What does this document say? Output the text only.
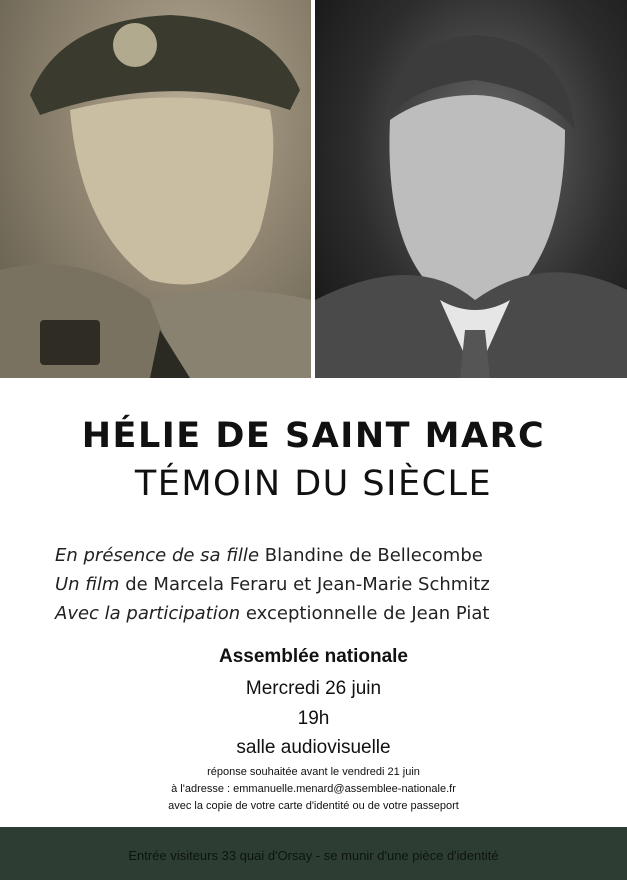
HÉLIE DE SAINT MARC
TÉMOIN DU SIÈCLE
En présence de sa fille Blandine de Bellecombe
Un film de Marcela Feraru et Jean-Marie Schmitz
Avec la participation exceptionnelle de Jean Piat
Assemblée nationale
Mercredi 26 juin
19h
salle audiovisuelle
réponse souhaitée avant le vendredi 21 juin
à l'adresse : emmanuelle.menard@assemblee-nationale.fr
avec la copie de votre carte d'identité ou de votre passeport
Entrée visiteurs 33 quai d'Orsay - se munir d'une pièce d'identité
